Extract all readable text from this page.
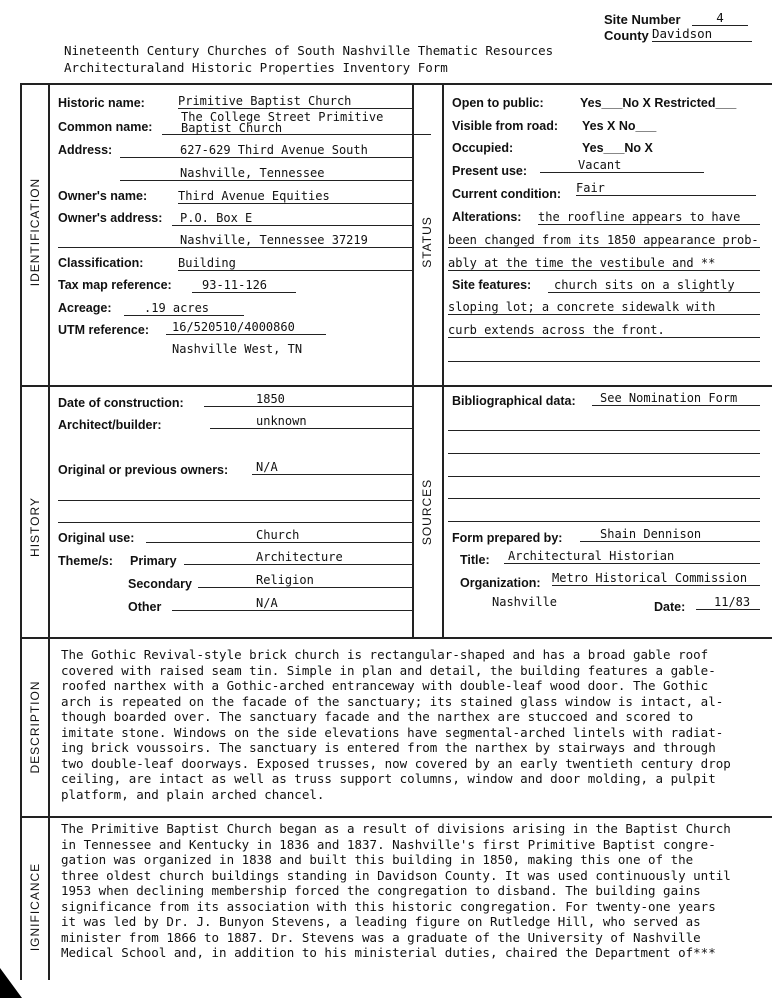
Site Number	4
County Davidson
Nineteenth Century Churches of South Nashville Thematic Resources
Architecturaland Historic Properties Inventory Form
IDENTIFICATION	STATUS
HISTORY	SOURCES
DESCRIPTION
IGNIFICANCE
Historic name:	Primitive Baptist Church
Common name:
The College Street Primitive
Baptist Church
Address:	627-629 Third Avenue South
Nashville, Tennessee
Owner's name:	Third Avenue Equities
Owner's address:	P.O. Box E
Nashville, Tennessee 37219
Classification:	Building
Tax map reference:	93-11-126
Acreage:	.19 acres
UTM reference:	16/520510/4000860
Nashville West, TN
Open to public:	Yes___No X Restricted___
Visible from road: Yes X No___
Occupied:	Yes___No X
Present use:	Vacant
Current condition: Fair
Alterations: the roofline appears to have
been changed from its 1850 appearance prob-
ably at the time the vestibule and **
Site features:	church sits on a slightly
sloping lot; a concrete sidewalk with
curb extends across the front.
Date of construction:	1850
Architect/builder:	unknown
Original or previous owners:	N/A
Original use:	Church
Theme/s: Primary	Architecture
Secondary	Religion
Other	N/A
Bibliographical data:	See Nomination Form
Form prepared by:	Shain Dennison
Title:	Architectural Historian
Organization: Metro Historical Commission
Nashville	Date:	11/83
The Gothic Revival-style brick church is rectangular-shaped and has a broad gable roof
covered with raised seam tin. Simple in plan and detail, the building features a gable-
roofed narthex with a Gothic-arched entranceway with double-leaf wood door. The Gothic
arch is repeated on the facade of the sanctuary; its stained glass window is intact, al-
though boarded over. The sanctuary facade and the narthex are stuccoed and scored to
imitate stone. Windows on the side elevations have segmental-arched lintels with radiat-
ing brick voussoirs. The sanctuary is entered from the narthex by stairways and through
two double-leaf doorways. Exposed trusses, now covered by an early twentieth century drop
ceiling, are intact as well as truss support columns, window and door molding, a pulpit
platform, and plain arched chancel.
The Primitive Baptist Church began as a result of divisions arising in the Baptist Church
in Tennessee and Kentucky in 1836 and 1837. Nashville's first Primitive Baptist congre-
gation was organized in 1838 and built this building in 1850, making this one of the
three oldest church buildings standing in Davidson County. It was used continuously until
1953 when declining membership forced the congregation to disband. The building gains
significance from its association with this historic congregation. For twenty-one years
it was led by Dr. J. Bunyon Stevens, a leading figure on Rutledge Hill, who served as
minister from 1866 to 1887. Dr. Stevens was a graduate of the University of Nashville
Medical School and, in addition to his ministerial duties, chaired the Department of***
